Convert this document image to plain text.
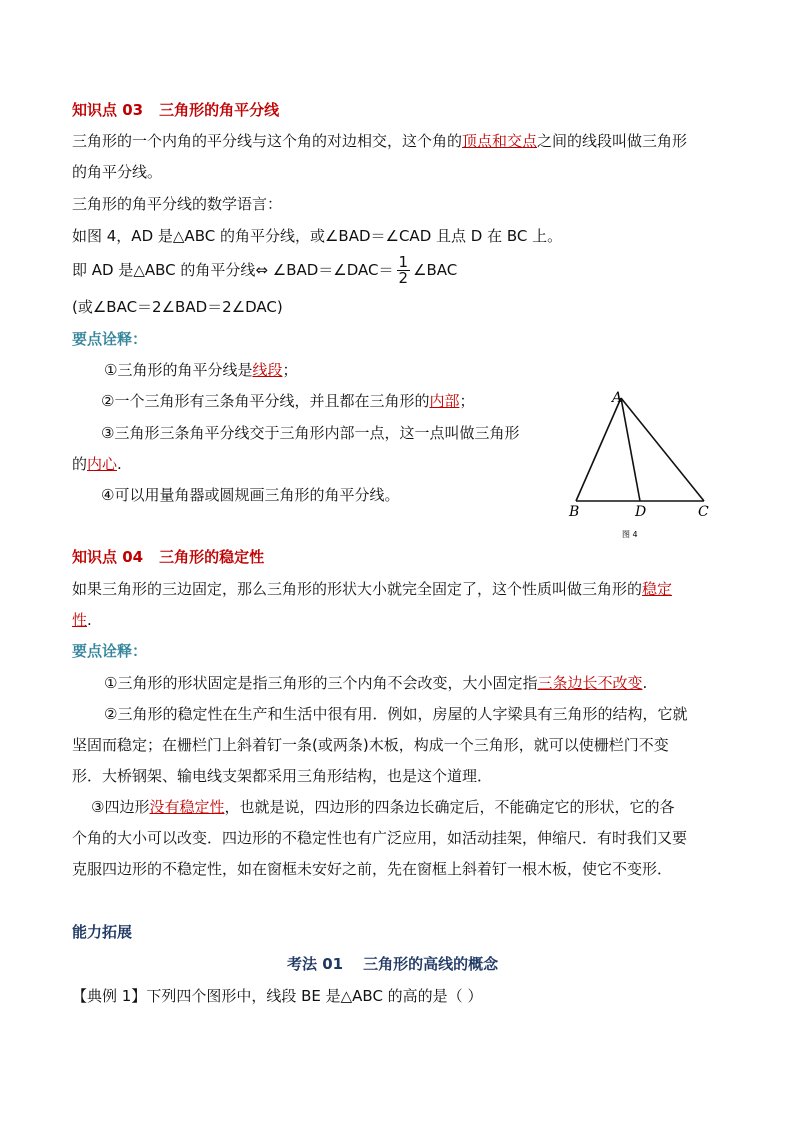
知识点 03 三角形的角平分线
三角形的一个内角的平分线与这个角的对边相交，这个角的顶点和交点之间的线段叫做三角形
的角平分线。
三角形的角平分线的数学语言：
如图 4，AD 是△ABC 的角平分线，或∠BAD＝∠CAD 且点 D 在 BC 上。
即 AD 是△ABC 的角平分线⇔ ∠BAD＝∠DAC＝ $\frac{1}{2}$ ∠BAC
(或∠BAC＝2∠BAD＝2∠DAC)
要点诠释：
①三角形的角平分线是线段；
②一个三角形有三条角平分线，并且都在三角形的内部；
③三角形三条角平分线交于三角形内部一点，这一点叫做三角形
的内心.
④可以用量角器或圆规画三角形的角平分线。
A
B	C
D
图 4
知识点 04 三角形的稳定性
如果三角形的三边固定，那么三角形的形状大小就完全固定了，这个性质叫做三角形的稳定
性.
要点诠释：
①三角形的形状固定是指三角形的三个内角不会改变，大小固定指三条边长不改变.
②三角形的稳定性在生产和生活中很有用．例如，房屋的人字梁具有三角形的结构，它就
坚固而稳定；在栅栏门上斜着钉一条(或两条)木板，构成一个三角形，就可以使栅栏门不变
形．大桥钢架、输电线支架都采用三角形结构，也是这个道理．
③四边形没有稳定性，也就是说，四边形的四条边长确定后，不能确定它的形状，它的各
个角的大小可以改变．四边形的不稳定性也有广泛应用，如活动挂架，伸缩尺．有时我们又要
克服四边形的不稳定性，如在窗框未安好之前，先在窗框上斜着钉一根木板，使它不变形．
能力拓展
考法 01 三角形的高线的概念
【典例 1】下列四个图形中，线段 BE 是△ABC 的高的是（ ）
